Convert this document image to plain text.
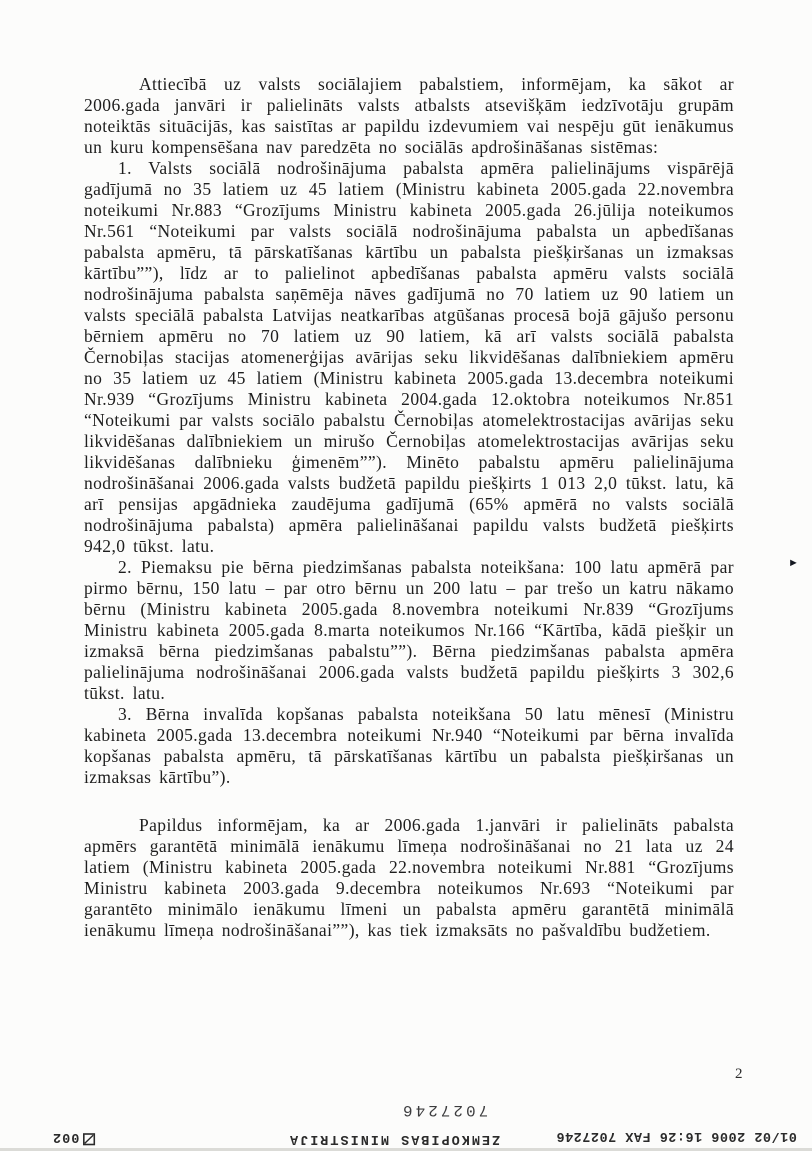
Attiecībā uz valsts sociālajiem pabalstiem, informējam, ka sākot ar 2006.gada janvāri ir palielināts valsts atbalsts atsevišķām iedzīvotāju grupām noteiktās situācijās, kas saistītas ar papildu izdevumiem vai nespēju gūt ienākumus un kuru kompensēšana nav paredzēta no sociālās apdrošināšanas sistēmas:

1. Valsts sociālā nodrošinājuma pabalsta apmēra palielinājums vispārējā gadījumā no 35 latiem uz 45 latiem (Ministru kabineta 2005.gada 22.novembra noteikumi Nr.883 “Grozījums Ministru kabineta 2005.gada 26.jūlija noteikumos Nr.561 “Noteikumi par valsts sociālā nodrošinājuma pabalsta un apbedīšanas pabalsta apmēru, tā pārskatīšanas kārtību un pabalsta piešķiršanas un izmaksas kārtību””), līdz ar to palielinot apbedīšanas pabalsta apmēru valsts sociālā nodrošinājuma pabalsta saņēmēja nāves gadījumā no 70 latiem uz 90 latiem un valsts speciālā pabalsta Latvijas neatkarības atgūšanas procesā bojā gājušo personu bērniem apmēru no 70 latiem uz 90 latiem, kā arī valsts sociālā pabalsta Černobiļas stacijas atomenerģijas avārijas seku likvidēšanas dalībniekiem apmēru no 35 latiem uz 45 latiem (Ministru kabineta 2005.gada 13.decembra noteikumi Nr.939 “Grozījums Ministru kabineta 2004.gada 12.oktobra noteikumos Nr.851 “Noteikumi par valsts sociālo pabalstu Černobiļas atomelektrostacijas avārijas seku likvidēšanas dalībniekiem un mirušo Černobiļas atomelektrostacijas avārijas seku likvidēšanas dalībnieku ģimenēm””). Minēto pabalstu apmēru palielinājuma nodrošināšanai 2006.gada valsts budžetā papildu piešķirts 1 013 2,0 tūkst. latu, kā arī pensijas apgādnieka zaudējuma gadījumā (65% apmērā no valsts sociālā nodrošinājuma pabalsta) apmēra palielināšanai papildu valsts budžetā piešķirts 942,0 tūkst. latu.

2. Piemaksu pie bērna piedzimšanas pabalsta noteikšana: 100 latu apmērā par pirmo bērnu, 150 latu – par otro bērnu un 200 latu – par trešo un katru nākamo bērnu (Ministru kabineta 2005.gada 8.novembra noteikumi Nr.839 “Grozījums Ministru kabineta 2005.gada 8.marta noteikumos Nr.166 “Kārtība, kādā piešķir un izmaksā bērna piedzimšanas pabalstu””). Bērna piedzimšanas pabalsta apmēra palielinājuma nodrošināšanai 2006.gada valsts budžetā papildu piešķirts 3 302,6 tūkst. latu.

3. Bērna invalīda kopšanas pabalsta noteikšana 50 latu mēnesī (Ministru kabineta 2005.gada 13.decembra noteikumi Nr.940 “Noteikumi par bērna invalīda kopšanas pabalsta apmēru, tā pārskatīšanas kārtību un pabalsta piešķiršanas un izmaksas kārtību”).

Papildus informējam, ka ar 2006.gada 1.janvāri ir palielināts pabalsta apmērs garantētā minimālā ienākumu līmeņa nodrošināšanai no 21 lata uz 24 latiem (Ministru kabineta 2005.gada 22.novembra noteikumi Nr.881 “Grozījums Ministru kabineta 2003.gada 9.decembra noteikumos Nr.693 “Noteikumi par garantēto minimālo ienākumu līmeni un pabalsta apmēru garantētā minimālā ienākumu līmeņa nodrošināšanai””), kas tiek izmaksāts no pašvaldību budžetiem.

►
2
7027246
01/02 2006 16:26 FAX 7027246
ZEMKOPĪBAS MINISTRIJA
002
